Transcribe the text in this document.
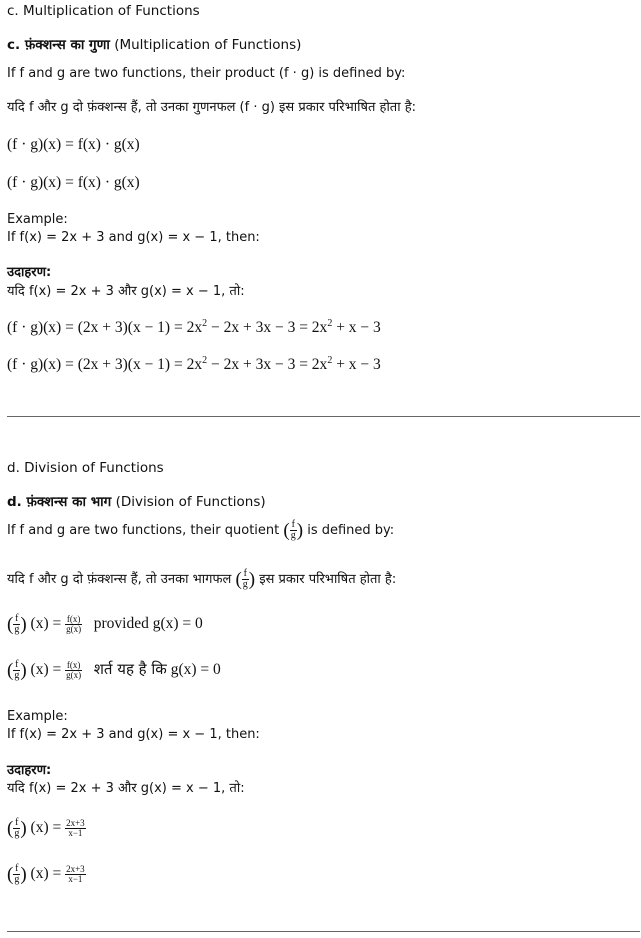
c. Multiplication of Functions
c. फ़ंक्शन्स का गुणा (Multiplication of Functions)
If f and g are two functions, their product (f · g) is defined by:
यदि f और g दो फ़ंक्शन्स हैं, तो उनका गुणनफल (f · g) इस प्रकार परिभाषित होता है:
(f · g)(x) = f(x) · g(x)
(f · g)(x) = f(x) · g(x)
Example:
If f(x) = 2x + 3 and g(x) = x − 1, then:
उदाहरण:
यदि f(x) = 2x + 3 और g(x) = x − 1, तो:
$(f \cdot g)(x) = (2x + 3)(x - 1) = 2x^2 - 2x + 3x - 3 = 2x^2 + x - 3$
$(f \cdot g)(x) = (2x + 3)(x - 1) = 2x^2 - 2x + 3x - 3 = 2x^2 + x - 3$
d. Division of Functions
d. फ़ंक्शन्स का भाग (Division of Functions)
If f and g are two functions, their quotient ( $\frac{f}{g}$ ) is defined by:
यदि f और g दो फ़ंक्शन्स हैं, तो उनका भागफल ( $\frac{f}{g}$ ) इस प्रकार परिभाषित होता है:
( $\frac{f}{g}$ ) $(x) = \frac{f(x)}{g(x)}$ provided g(x) = 0
( $\frac{f}{g}$ ) $(x) = \frac{f(x)}{g(x)}$ शर्त यह है कि g(x) = 0
Example:
If f(x) = 2x + 3 and g(x) = x − 1, then:
उदाहरण:
यदि f(x) = 2x + 3 और g(x) = x − 1, तो:
( $\frac{f}{g}$ ) $(x) = \frac{2x+3}{x-1}$
( $\frac{f}{g}$ ) $(x) = \frac{2x+3}{x-1}$
